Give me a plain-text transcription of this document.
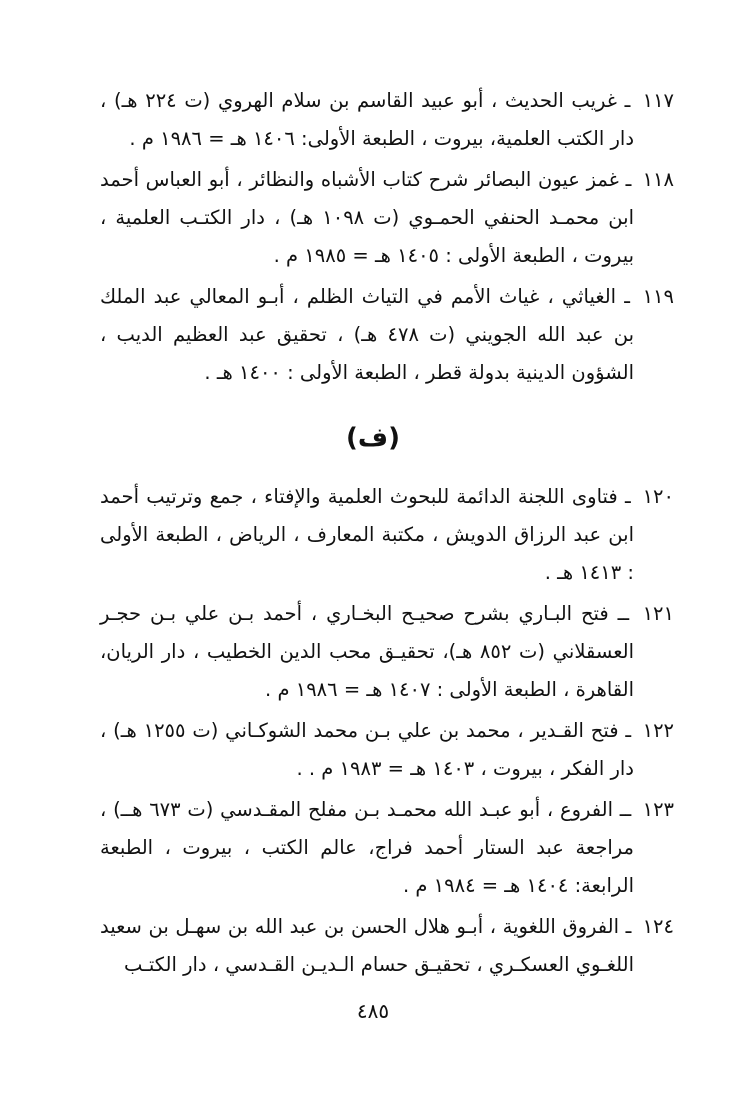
١١٧ ـ غريب الحديث ، أبو عبيد القاسم بن سلام الهروي (ت ٢٢٤ هـ) ، دار الكتب العلمية، بيروت ، الطبعة الأولى: ١٤٠٦ هـ = ١٩٨٦ م .

١١٨ ـ غمز عيون البصائر شرح كتاب الأشباه والنظائر ، أبو العباس أحمد ابن محمـد الحنفي الحمـوي (ت ١٠٩٨ هـ) ، دار الكتـب العلمية ، بيروت ، الطبعة الأولى : ١٤٠٥ هـ = ١٩٨٥ م .

١١٩ ـ الغياثي ، غياث الأمم في التياث الظلم ، أبـو المعالي عبد الملك بن عبد الله الجويني (ت ٤٧٨ هـ) ، تحقيق عبد العظيم الديب ، الشؤون الدينية بدولة قطر ، الطبعة الأولى : ١٤٠٠ هـ .

(ف)

١٢٠ ـ فتاوى اللجنة الدائمة للبحوث العلمية والإفتاء ، جمع وترتيب أحمد ابن عبد الرزاق الدويش ، مكتبة المعارف ، الرياض ، الطبعة الأولى : ١٤١٣ هـ .

١٢١ ــ فتح البـاري بشرح صحيـح البخـاري ، أحمد بـن علي بـن حجـر العسقلاني (ت ٨٥٢ هـ)، تحقيـق محب الدين الخطيب ، دار الريان، القاهرة ، الطبعة الأولى : ١٤٠٧ هـ = ١٩٨٦ م .

١٢٢ ـ فتح القـدير ، محمد بن علي بـن محمد الشوكـاني (ت ١٢٥٥ هـ) ، دار الفكر ، بيروت ، ١٤٠٣ هـ = ١٩٨٣ م . .

١٢٣ ــ الفروع ، أبو عبـد الله محمـد بـن مفلح المقـدسي (ت ٦٧٣ هــ) ، مراجعة عبد الستار أحمد فراج، عالم الكتب ، بيروت ، الطبعة الرابعة: ١٤٠٤ هـ = ١٩٨٤ م .

١٢٤ ـ الفروق اللغوية ، أبـو هلال الحسن بن عبد الله بن سهـل بن سعيد اللغـوي العسكـري ، تحقيـق حسام الـديـن القـدسي ، دار الكتـب

٤٨٥
